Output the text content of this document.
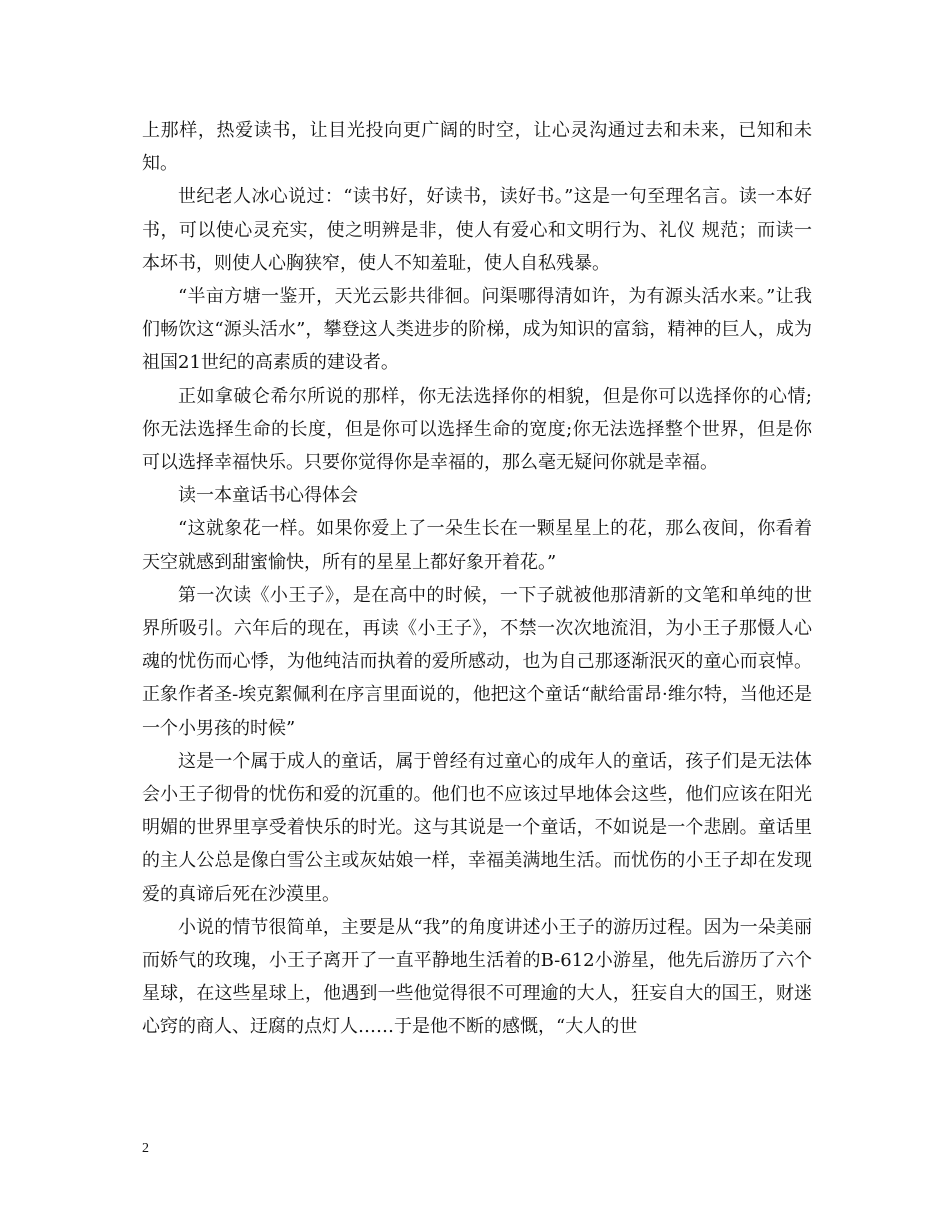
上那样，热爱读书，让目光投向更广阔的时空，让心灵沟通过去和未来，已知和未知。

世纪老人冰心说过：“读书好，好读书，读好书。”这是一句至理名言。读一本好书，可以使心灵充实，使之明辨是非，使人有爱心和文明行为、礼仪 规范；而读一本坏书，则使人心胸狭窄，使人不知羞耻，使人自私残暴。

“半亩方塘一鉴开，天光云影共徘徊。问渠哪得清如许，为有源头活水来。”让我们畅饮这“源头活水”，攀登这人类进步的阶梯，成为知识的富翁，精神的巨人，成为祖国21世纪的高素质的建设者。

正如拿破仑希尔所说的那样，你无法选择你的相貌，但是你可以选择你的心情;你无法选择生命的长度，但是你可以选择生命的宽度;你无法选择整个世界，但是你可以选择幸福快乐。只要你觉得你是幸福的，那么毫无疑问你就是幸福。

读一本童话书心得体会

“这就象花一样。如果你爱上了一朵生长在一颗星星上的花，那么夜间，你看着天空就感到甜蜜愉快，所有的星星上都好象开着花。”

第一次读《小王子》，是在高中的时候，一下子就被他那清新的文笔和单纯的世界所吸引。六年后的现在，再读《小王子》，不禁一次次地流泪，为小王子那慑人心魂的忧伤而心悸，为他纯洁而执着的爱所感动，也为自己那逐渐泯灭的童心而哀悼。正象作者圣-埃克絮佩利在序言里面说的，他把这个童话“献给雷昂·维尔特，当他还是一个小男孩的时候”

这是一个属于成人的童话，属于曾经有过童心的成年人的童话，孩子们是无法体会小王子彻骨的忧伤和爱的沉重的。他们也不应该过早地体会这些，他们应该在阳光明媚的世界里享受着快乐的时光。这与其说是一个童话，不如说是一个悲剧。童话里的主人公总是像白雪公主或灰姑娘一样，幸福美满地生活。而忧伤的小王子却在发现爱的真谛后死在沙漠里。

小说的情节很简单，主要是从“我”的角度讲述小王子的游历过程。因为一朵美丽而娇气的玫瑰，小王子离开了一直平静地生活着的B-612小游星，他先后游历了六个星球，在这些星球上，他遇到一些他觉得很不可理逾的大人，狂妄自大的国王，财迷心窍的商人、迂腐的点灯人……于是他不断的感慨，“大人的世

2
